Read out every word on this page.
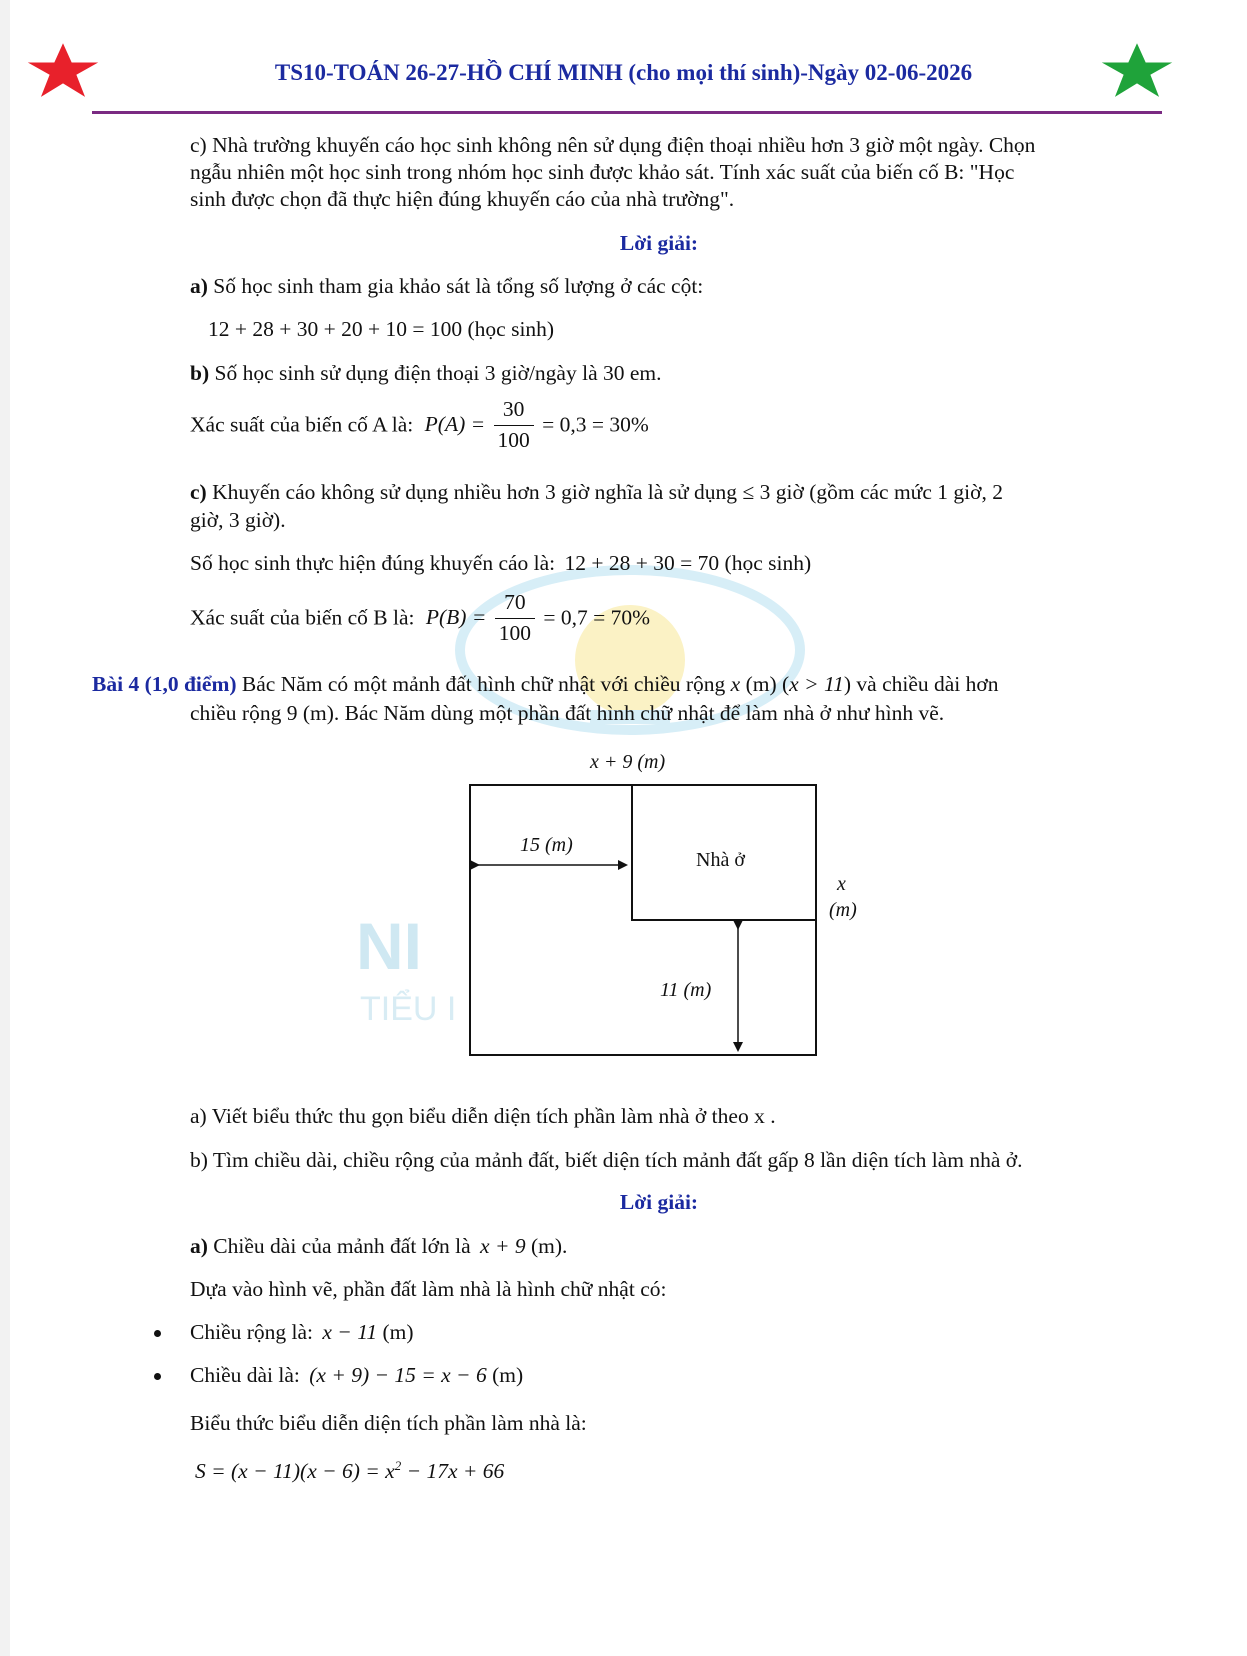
TS10-TOÁN 26-27-HỒ CHÍ MINH (cho mọi thí sinh)-Ngày 02-06-2026
NI
TIỂU I
c) Nhà trường khuyến cáo học sinh không nên sử dụng điện thoại nhiều hơn 3 giờ một ngày. Chọn
ngẫu nhiên một học sinh trong nhóm học sinh được khảo sát. Tính xác suất của biến cố B: "Học
sinh được chọn đã thực hiện đúng khuyến cáo của nhà trường".
Lời giải:
a) Số học sinh tham gia khảo sát là tổng số lượng ở các cột:
12 + 28 + 30 + 20 + 10 = 100 (học sinh)
b) Số học sinh sử dụng điện thoại 3 giờ/ngày là 30 em.
Xác suất của biến cố A là: $P(A) = \frac{30}{100} = 0,3 = 30\%$
c) Khuyến cáo không sử dụng nhiều hơn 3 giờ nghĩa là sử dụng ≤ 3 giờ (gồm các mức 1 giờ, 2
giờ, 3 giờ).
Số học sinh thực hiện đúng khuyến cáo là: 12 + 28 + 30 = 70 (học sinh)
Xác suất của biến cố B là: $P(B) = \frac{70}{100} = 0,7 = 70\%$
Bài 4 (1,0 điểm) Bác Năm có một mảnh đất hình chữ nhật với chiều rộng x (m) (x > 11) và chiều dài hơn
chiều rộng 9 (m). Bác Năm dùng một phần đất hình chữ nhật để làm nhà ở như hình vẽ.
x + 9 (m)
15 (m)
Nhà ở
x
(m)
11 (m)
a) Viết biểu thức thu gọn biểu diễn diện tích phần làm nhà ở theo x .
b) Tìm chiều dài, chiều rộng của mảnh đất, biết diện tích mảnh đất gấp 8 lần diện tích làm nhà ở.
Lời giải:
a) Chiều dài của mảnh đất lớn là x + 9 (m).
Dựa vào hình vẽ, phần đất làm nhà là hình chữ nhật có:
Chiều rộng là: x − 11 (m)
Chiều dài là: (x + 9) − 15 = x − 6 (m)
Biểu thức biểu diễn diện tích phần làm nhà là:
$S = (x - 11)(x - 6) = x^2 - 17x + 66$
